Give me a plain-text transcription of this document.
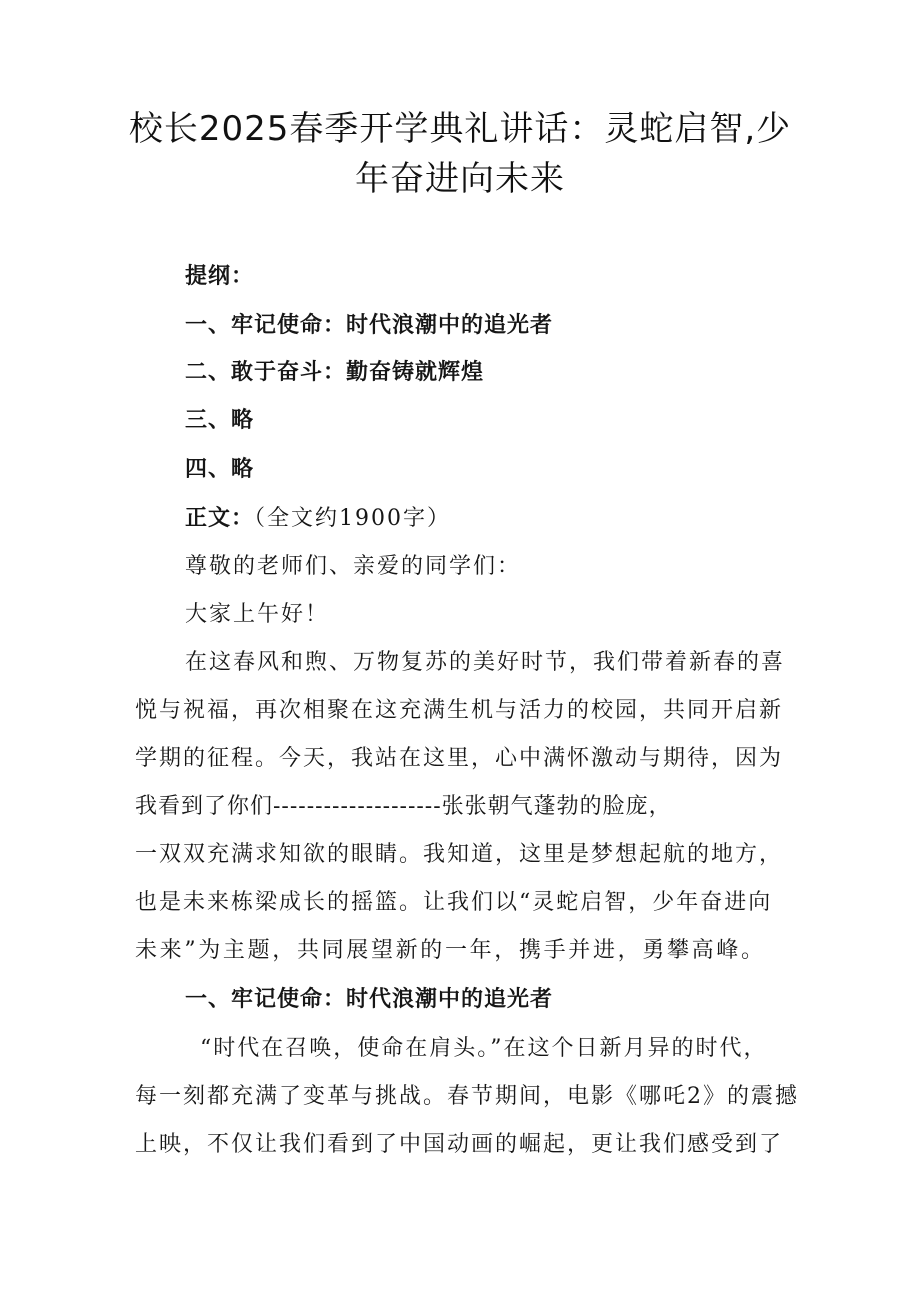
校长2025春季开学典礼讲话：灵蛇启智,少
年奋进向未来
提纲：
一、牢记使命：时代浪潮中的追光者
二、敢于奋斗：勤奋铸就辉煌
三、略
四、略
正文：（全文约1900字）
尊敬的老师们、亲爱的同学们：
大家上午好！
在这春风和煦、万物复苏的美好时节，我们带着新春的喜
悦与祝福，再次相聚在这充满生机与活力的校园，共同开启新
学期的征程。今天，我站在这里，心中满怀激动与期待，因为
我看到了你们--------------------张张朝气蓬勃的脸庞，
一双双充满求知欲的眼睛。我知道，这里是梦想起航的地方，
也是未来栋梁成长的摇篮。让我们以“灵蛇启智，少年奋进向
未来”为主题，共同展望新的一年，携手并进，勇攀高峰。
一、牢记使命：时代浪潮中的追光者
“时代在召唤，使命在肩头。”在这个日新月异的时代，
每一刻都充满了变革与挑战。春节期间，电影《哪吒2》的震撼
上映，不仅让我们看到了中国动画的崛起，更让我们感受到了
